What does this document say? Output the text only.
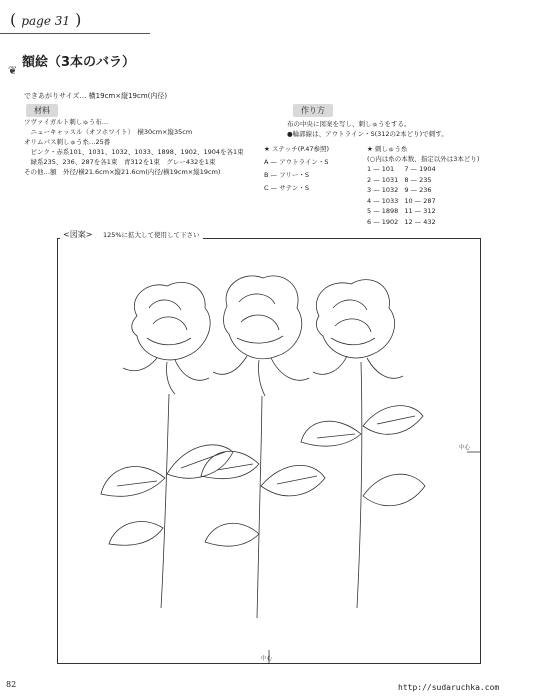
( page 31 )
額絵（3本のバラ）
❦
できあがりサイズ… 横19cm×縦19cm(内径)
材料
ツヴァイガルト刺しゅう布…
　ニューキャッスル（オフホワイト）　横30cm×縦35cm
オリムパス刺しゅう糸…25番
　ピンク・赤系101、1031、1032、1033、1898、1902、1904を各1束
　緑系235、236、287を各1束　青312を1束　グレー432を1束
その他…額　外径/横21.6cm×縦21.6cm(内径/横19cm×縦19cm)
作り方
布の中央に図案を写し、刺しゅうをする。
●輪郭線は、アウトライン・S(312の2本どり)で刺す。
★ ステッチ(P.47参照)
A — アウトライン・S
B — フリー・S
C — サテン・S
★ 刺しゅう糸
(○内は糸の本数、指定以外は3本どり)
1 — 101	7 — 1904
2 — 1031	8 — 235
3 — 1032	9 — 236
4 — 1033	10 — 287
5 — 1898	11 — 312
6 — 1902	12 — 432
<図案> 125%に拡大して使用して下さい
中心
中心
82	http://sudaruchka.com
